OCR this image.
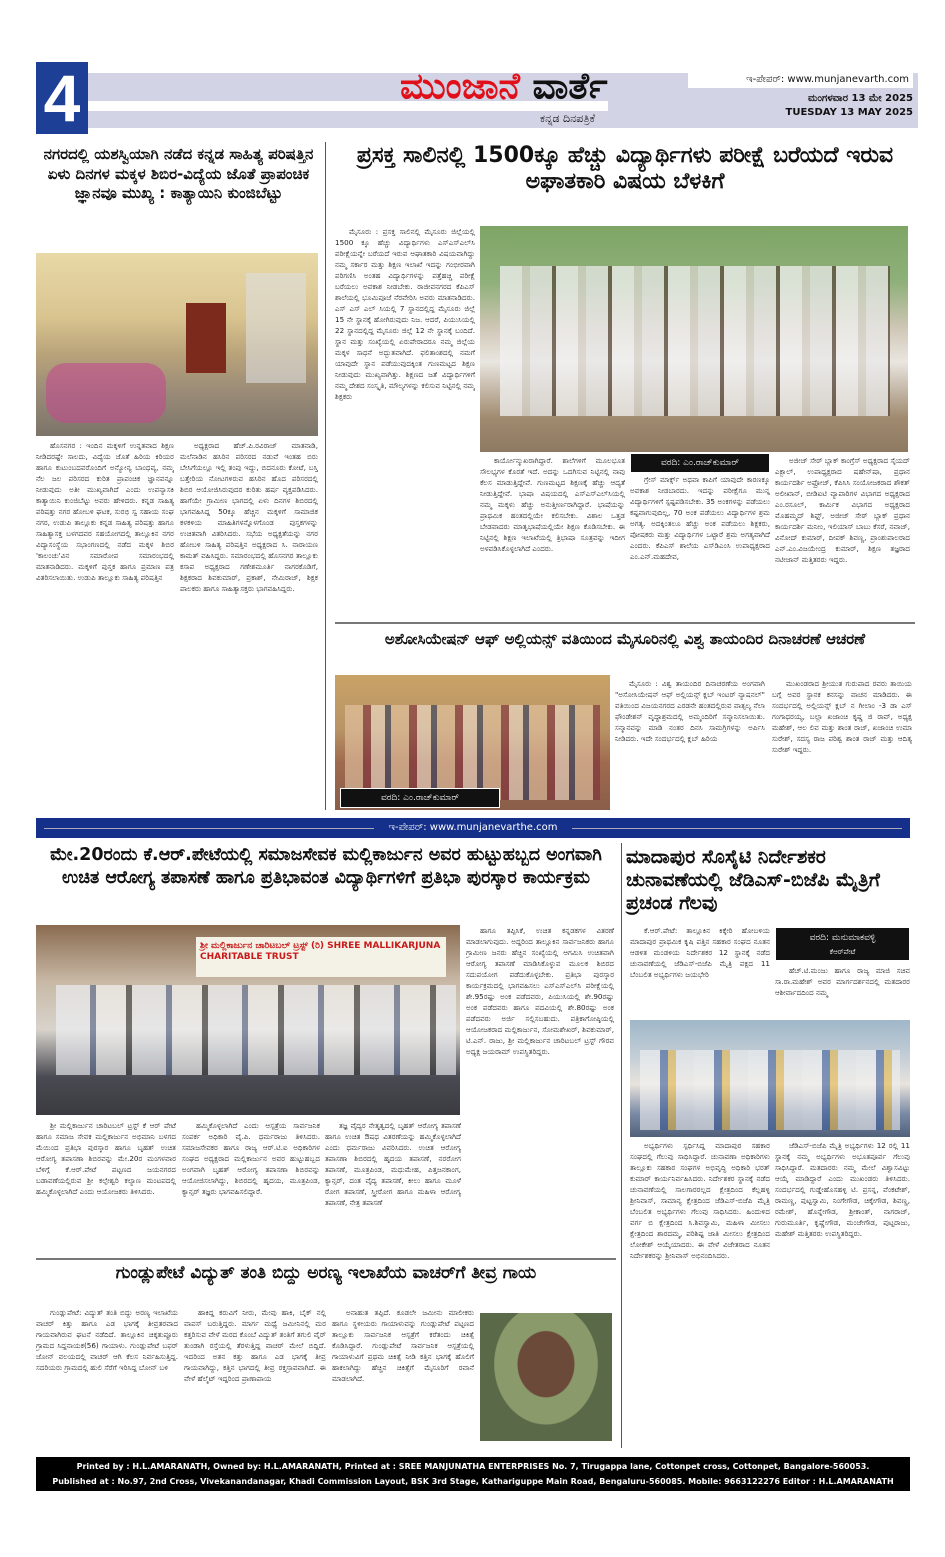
4	ಮುಂಜಾನೆ ವಾರ್ತೆ
ಕನ್ನಡ ದಿನಪತ್ರಿಕೆ
ಇ-ಪೇಪರ್: www.munjanevarth.com
ಮಂಗಳವಾರ 13 ಮೇ 2025
TUESDAY 13 MAY 2025
ನಗರದಲ್ಲಿ ಯಶಸ್ವಿಯಾಗಿ ನಡೆದ ಕನ್ನಡ ಸಾಹಿತ್ಯ ಪರಿಷತ್ತಿನ ಏಳು ದಿನಗಳ ಮಕ್ಕಳ ಶಿಬಿರ-ವಿದ್ಯೆಯ ಜೊತೆ ಪ್ರಾಪಂಚಿಕ ಜ್ಞಾನವೂ ಮುಖ್ಯ : ಕಾತ್ಯಾಯಿನಿ ಕುಂಜಿಬೆಟ್ಟು

ಹೊಸನಗರ : ಇಂದಿನ ಮಕ್ಕಳಿಗೆ ಉನ್ನತವಾದ ಶಿಕ್ಷಣ ನೀಡಿದರಷ್ಟೇ ಸಾಲದು, ವಿದ್ಯೆಯ ಜೊತೆ ಹಿರಿಯ ಕಿರಿಯರ ಹಾಗೂ ಕುಟುಂಬದವರೊಂದಿಗೆ ಅನ್ಯೋನ್ಯ ಬಾಂಧವ್ಯ, ನಮ್ಮ ನೆಲ ಜಲ ಪರಿಸರದ ಕುರಿತ ಪ್ರಾಪಂಚಿಕ ಜ್ಞಾನವನ್ನೂ ನೀಡುವುದು ಅತೀ ಮುಖ್ಯವಾಗಿದೆ ಎಂದು ಉಪನ್ಯಾಸಕಿ ಕಾತ್ಯಾಯಿನಿ ಕುಂಜಿಬೆಟ್ಟು ಅವರು ಹೇಳಿದರು. ಕನ್ನಡ ಸಾಹಿತ್ಯ ಪರಿಷತ್ತು ನಗರ ಹೋಬಳಿ ಘಟಕ, ಸುರಭಿ ಸ್ವ ಸಹಾಯ ಸಂಘ ನಗರ, ಉಡುಪಿ ತಾಲ್ಲೂಕು ಕನ್ನಡ ಸಾಹಿತ್ಯ ಪರಿಷತ್ತು ಹಾಗೂ ಸಾಹಿತ್ಯಾಸಕ್ತ ಬಳಗದವರ ಸಹಯೋಗದಲ್ಲಿ ತಾಲ್ಲೂಕಿನ ನಗರ ವಿದ್ಯಾಸಂಸ್ಥೆಯ ಸಭಾಂಗಣದಲ್ಲಿ ನಡೆದ ಮಕ್ಕಳ ಶಿಬಿರ 'ಕಾಲಂಚು'ವಿನ ಸಮಾರೋಪ ಸಮಾರಂಭದಲ್ಲಿ ಮಾತನಾಡಿದರು. ಮಕ್ಕಳಿಗೆ ಪುಸ್ತಕ ಹಾಗೂ ಪ್ರಮಾಣ ಪತ್ರ ವಿತರಿಸಲಾಯಿತು. ಉಡುಪಿ ತಾಲ್ಲೂಕು ಸಾಹಿತ್ಯ ಪರಿಷತ್ತಿನ

ಅಧ್ಯಕ್ಷರಾದ ಹೆಚ್.ಪಿ.ರವಿರಾಜ್ ಮಾತನಾಡಿ, ಮಲೆನಾಡಿನ ಹಸಿರಿನ ಪರಿಸರದ ನಡುವೆ ಇಂತಹ ಬಿರು ಬೇಸಿಗೆಯಲ್ಲೂ ಇಲ್ಲಿ ತಂಪು ಇದ್ದು, ಬಿದನೂರು ಕೋಟೆ, ಬಸ್ತಿ ಬತ್ತೇರಿಯ ನೋಟಗಳಿರುವ ಹಸಿರಿನ ಹೊದ ಪರಿಸರದಲ್ಲಿ ಶಿಬಿರ ಆಯೋಜಿಸಿರುವುದರ ಕುರಿತು ಹರ್ಷ ವ್ಯಕ್ತಪಡಿಸಿದರು. ಹಾಗೆಯೇ ಗ್ರಾಮೀಣ ಭಾಗದಲ್ಲಿ ಏಳು ದಿನಗಳ ಶಿಬಿರದಲ್ಲಿ ಭಾಗವಹಿಸಿದ್ದ 50ಕ್ಕೂ ಹೆಚ್ಚಿನ ಮಕ್ಕಳಿಗೆ ಸಾಮಾಜಿಕ ಕಳಕಳಿಯ ಮಾಹಿತಿಗಳನ್ನೊಳಗೊಂಡ ಪುಸ್ತಕಗಳನ್ನು ಉಚಿತವಾಗಿ ವಿತರಿಸಿದರು. ಸಭೆಯ ಅಧ್ಯಕ್ಷತೆಯನ್ನು ನಗರ ಹೋಬಳಿ ಸಾಹಿತ್ಯ ಪರಿಷತ್ತಿನ ಅಧ್ಯಕ್ಷರಾದ ಸಿ. ನಾರಾಯಣ ಕಾಮತ್ ವಹಿಸಿದ್ದರು. ಸಮಾರಂಭದಲ್ಲಿ ಹೊಸನಗರ ತಾಲ್ಲೂಕು ಕಸಾಪ ಅಧ್ಯಕ್ಷರಾದ ಗಣೇಶಮೂರ್ತಿ ನಾಗರಕೊಡಿಗೆ, ಶಿಕ್ಷಕರಾದ ಶಿವಕುಮಾರ್, ಪ್ರಕಾಶ್, ನೇಮಿರಾಜ್, ಶಿಕ್ಷಕ ಪಾಲಕರು ಹಾಗೂ ಸಾಹಿತ್ಯಾಸಕ್ತರು ಭಾಗವಹಿಸಿದ್ದರು.

ಪ್ರಸಕ್ತ ಸಾಲಿನಲ್ಲಿ 1500ಕ್ಕೂ ಹೆಚ್ಚು ವಿದ್ಯಾರ್ಥಿಗಳು ಪರೀಕ್ಷೆ ಬರೆಯದೆ ಇರುವ ಅಘಾತಕಾರಿ ವಿಷಯ ಬೆಳಕಿಗೆ

ಮೈಸೂರು : ಪ್ರಸಕ್ತ ಸಾಲಿನಲ್ಲಿ ಮೈಸೂರು ಜಿಲ್ಲೆಯಲ್ಲಿ 1500 ಕ್ಕೂ ಹೆಚ್ಚು ವಿದ್ಯಾರ್ಥಿಗಳು ಎಸ್‌ಎಸ್‌ಎಲ್‌ಸಿ ಪರೀಕ್ಷೆಯನ್ನೇ ಬರೆಯದೆ ಇರುವ ಆಘಾತಕಾರಿ ವಿಷಯವಾಗಿದ್ದು ನಮ್ಮ ಸರ್ಕಾರ ಮತ್ತು ಶಿಕ್ಷಣ ಇಲಾಖೆ ಇದನ್ನು ಗಂಭೀರವಾಗಿ ಪರಿಗಣಿಸಿ ಅಂತಹ ವಿದ್ಯಾರ್ಥಿಗಳನ್ನು ಪತ್ತೆಹಚ್ಚಿ ಪರೀಕ್ಷೆ ಬರೆಯಲು ಅವಕಾಶ ನೀಡಬೇಕು. ರಾಜೀವನಗರದ ಕೆಪಿಎಸ್ ಶಾಲೆಯಲ್ಲಿ ಭೂಮಿಪೂಜೆ ನೆರವೇರಿಸಿ ಅವರು ಮಾತನಾಡಿದರು. ಎಸ್ ಎಸ್ ಎಲ್ ಸಿಯಲ್ಲಿ 7 ಸ್ಥಾನದಲ್ಲಿದ್ದ ಮೈಸೂರು ಜಿಲ್ಲೆ 15 ನೇ ಸ್ಥಾನಕ್ಕೆ ಹೋಗಿರುವುದು ನಿಜ. ಆದರೆ, ಪಿಯುಸಿಯಲ್ಲಿ 22 ಸ್ಥಾನದಲ್ಲಿದ್ದ ಮೈಸೂರು ಜಿಲ್ಲೆ 12 ನೇ ಸ್ಥಾನಕ್ಕೆ ಬಂದಿದೆ. ಸ್ಥಾನ ಮತ್ತು ಸಂಖ್ಯೆಯಲ್ಲಿ ಏರುಪೇರಾದರೂ ನಮ್ಮ ಜಿಲ್ಲೆಯ ಮಕ್ಕಳ ಸಾಧನೆ ಅದ್ಭುತವಾಗಿದೆ. ಫಲಿತಾಂಶದಲ್ಲಿ ನಮಗೆ ಯಾವುದೇ ಸ್ಥಾನ ಪಡೆಯುವುದಕ್ಕಿಂತ ಗುಣಮಟ್ಟದ ಶಿಕ್ಷಣ ನೀಡುವುದು ಮುಖ್ಯವಾಗಿತ್ತು. ಶಿಕ್ಷಣದ ಜತೆ ವಿದ್ಯಾರ್ಥಿಗಳಿಗೆ ನಮ್ಮ ದೇಶದ ಸಂಸ್ಕೃತಿ, ಮೌಲ್ಯಗಳನ್ನು ಕಲಿಸುವ ನಿಟ್ಟಿನಲ್ಲಿ ನಮ್ಮ ಶಿಕ್ಷಕರು

ವರದಿ: ಎಂ.ರಾಜ್‌ಕುಮಾರ್

ಕಾರ್ಯೋನ್ಮುಖರಾಗಿದ್ದಾರೆ. ಶಾಲೆಗಳಿಗೆ ಮೂಲಭೂತ ಸೌಲಭ್ಯಗಳ ಕೊರತೆ ಇದೆ. ಅದನ್ನು ಒದಗಿಸುವ ನಿಟ್ಟಿನಲ್ಲಿ ನಾವು ಕೆಲಸ ಮಾಡುತ್ತಿದ್ದೇವೆ. ಗುಣಮಟ್ಟದ ಶಿಕ್ಷಣಕ್ಕೆ ಹೆಚ್ಚು ಆದ್ಯತೆ ನೀಡುತ್ತಿದ್ದೇವೆ. ಭಾಷಾ ವಿಷಯದಲ್ಲಿ ಎಸ್‌ಎಸ್‌ಎಲ್‌ಸಿಯಲ್ಲಿ ನಮ್ಮ ಮಕ್ಕಳು ಹೆಚ್ಚು ಅನುತ್ತೀರ್ಣರಾಗಿದ್ದಾರೆ. ಭಾಷೆಯನ್ನು ಪ್ರಾಥಮಿಕ ಹಂತದಲ್ಲಿಯೇ ಕಲಿಸಬೇಕು. ವಿಶಾಲ ಒತ್ತಡ ಬೇಡವಾದರು ಮಾತೃಭಾಷೆಯಲ್ಲಿಯೇ ಶಿಕ್ಷಣ ಕೊಡಿಸಬೇಕು. ಈ ನಿಟ್ಟಿನಲ್ಲಿ ಶಿಕ್ಷಣ ಇಲಾಖೆಯಲ್ಲಿ ತ್ರಿಭಾಷಾ ಸೂತ್ರವನ್ನು ಇದೀಗ ಅಳವಡಿಸಿಕೊಳ್ಳಲಾಗಿದೆ ಎಂದರು.

ಗ್ರೇಸ್ ಮಾರ್ಕ್ಸ್ ಅಥವಾ ಕಾಪಿಗೆ ಯಾವುದೇ ಕಾರಣಕ್ಕೂ ಅವಕಾಶ ನೀಡಬಾರದು. ಇದನ್ನು ಪರೀಕ್ಷೆಗೂ ಮುನ್ನ ವಿದ್ಯಾರ್ಥಿಗಳಿಗೆ ಸ್ಪಷ್ಟಪಡಿಸಬೇಕು. 35 ಅಂಕಗಳನ್ನು ಪಡೆಯಲು ಕಷ್ಟವಾಗುವುದಿಲ್ಲ, 70 ಅಂಕ ಪಡೆಯಲು ವಿದ್ಯಾರ್ಥಿಗಳ ಶ್ರಮ ಅಗತ್ಯ. ಅದಕ್ಕಿಂತಲೂ ಹೆಚ್ಚು ಅಂಕ ಪಡೆಯಲು ಶಿಕ್ಷಕರು, ಪೋಷಕರು ಮತ್ತು ವಿದ್ಯಾರ್ಥಿಗಳ ಒಟ್ಟಾರೆ ಶ್ರಮ ಅಗತ್ಯವಾಗಿದೆ ಎಂದರು. ಕೆಪಿಎಸ್ ಶಾಲೆಯ ಎಸ್‌ಡಿಎಂಸಿ ಉಪಾಧ್ಯಕ್ಷರಾದ ಎಂ.ಎನ್.ಮಹದೇವ,

ಅಜೀಜ್ ಸೇಠ್ ಬ್ಲಾಕ್ ಕಾಂಗ್ರೆಸ್ ಅಧ್ಯಕ್ಷರಾದ ಸೈಯದ್ ಎಕ್ಬಾಲ್, ಉಪಾಧ್ಯಕ್ಷರಾದ ಷಹೇನ್‌ಷಾ, ಪ್ರಧಾನ ಕಾರ್ಯದರ್ಶಿ ಅಫ್ರೋಜ್, ಕೆಪಿಸಿಸಿ ಸಂಯೋಜಕರಾದ ಶೌಕತ್ ಅಲೀಖಾನ್, ಬೀಡಿಐಟಿ ವ್ಯಾಪಾರಿಗಳ ವಿಭಾಗದ ಅಧ್ಯಕ್ಷರಾದ ಎಂ.ರಸೂಲ್, ಕಾರ್ಮಿಕ ವಿಭಾಗದ ಅಧ್ಯಕ್ಷರಾದ ಮೊಹಮ್ಮದ್ ಶಿಫ್ಟ್, ಅಜೀಜ್ ಸೇಠ್ ಬ್ಲಾಕ್ ಪ್ರಧಾನ ಕಾರ್ಯದರ್ಶಿ ಮನೀಂ, ಇಲಿಯಾಸ್ ಬಾಬು ಕೆಸರೆ, ನವಾಜ್, ವಿನೋದ್ ಕುಮಾರ್, ದೀಪಕ್ ಶಿವಣ್ಣ, ಪ್ರಾಂಶುಪಾಲರಾದ ಎನ್.ಎಂ.ವಿಜಯೇಂದ್ರ ಕುಮಾರ್, ಶಿಕ್ಷಣ ತಜ್ಞರಾದ ನಟೀಜಾನ್ ಮತ್ತಿತರರು ಇದ್ದರು.

ಅಶೋಸಿಯೇಷನ್ ಆಫ್ ಅಲ್ಲಿಯನ್ಸ್ ವತಿಯಿಂದ ಮೈಸೂರಿನಲ್ಲಿ ವಿಶ್ವ ತಾಯಂದಿರ ದಿನಾಚರಣೆ ಆಚರಣೆ
ವರದಿ: ಎಂ.ರಾಜ್‌ಕುಮಾರ್

ಮೈಸೂರು : ವಿಶ್ವ ತಾಯಂದಿರ ದಿನಾಚರಣೆಯ ಅಂಗವಾಗಿ "ಅಸೋಸಿಯೇಷನ್ ಆಫ್ ಅಲ್ಲಿಯನ್ಸ್ ಕ್ಲಬ್ ಇಂಟರ್ ನ್ಯಾಷನಲ್" ವತಿಯಿಂದ ವಿಜಯನಗರದ ಎರಡನೇ ಹಂತದಲ್ಲಿರುವ ವಾತ್ಸಲ್ಯ ನೆಲಾ ಫೌಂಡೇಶನ್ ವೃದ್ಧಾಶ್ರಮದಲ್ಲಿ ಅಮ್ಮಂದಿರಿಗೆ ಸನ್ಮಾನಿಸಲಾಯಿತು. ಸನ್ಮಾನವನ್ನು ಮಾಡಿ ನಂತರ ದಿನಸಿ ಸಾಮಗ್ರಿಗಳನ್ನು ಅರ್ಪಿಸಿ ನೀಡಿದರು. ಇದೇ ಸಂದರ್ಭದಲ್ಲಿ ಕ್ಲಬ್ ಹಿರಿಯ

ಮುಖಂಡರಾದ ಶ್ರೀಯುತ ಗುರುಪಾದ ರವರು ತಾಯಿಯ ಬಗ್ಗೆ ಅವರ ಸ್ಥಾನಕ ಕನಸನ್ನು ವಾಚನ ಮಾಡಿದರು. ಈ ಸಂದರ್ಭದಲ್ಲಿ ಅಲ್ಲಿಯನ್ಸ್ ಕ್ಲಬ್ ನ ಗೀಲಾಂ -3 ಡಾ ಎಸ್ ಗಂಗಾಧರಯ್ಯ, ಬಲ್ಲಾ ಖಜಾಂಚಿ ಕೃಷ್ಣ ಜಿ ರಾವ್, ಅಧ್ಯಕ್ಷ ಮಹೇಶ್, ಆಲ ಲಿವ ಮತ್ತು ಶಾಂತ ರಾಜ್, ಖಜಾಂಚಿ ಉಮಾ ಸುರೇಶ್, ಸದಸ್ಯ ರಾಜ ಪರಿಶ್ವ ಶಾಂತ ರಾಜ್ ಮತ್ತು ಆದಿತ್ಯ ಸುರೇಶ್ ಇದ್ದರು.

ಇ-ಪೇಪರ್: www.munjanevarthe.com
ಮೇ.20ರಂದು ಕೆ.ಆರ್.ಪೇಟೆಯಲ್ಲಿ ಸಮಾಜಸೇವಕ ಮಲ್ಲಿಕಾರ್ಜುನ ಅವರ ಹುಟ್ಟುಹಬ್ಬದ ಅಂಗವಾಗಿ ಉಚಿತ ಆರೋಗ್ಯ ತಪಾಸಣೆ ಹಾಗೂ ಪ್ರತಿಭಾವಂತ ವಿದ್ಯಾರ್ಥಿಗಳಿಗೆ ಪ್ರತಿಭಾ ಪುರಸ್ಕಾರ ಕಾರ್ಯಕ್ರಮ
ಶ್ರೀ ಮಲ್ಲಿಕಾರ್ಜುನ ಚಾರಿಟಬಲ್ ಟ್ರಸ್ಟ್ (ರಿ) SHREE MALLIKARJUNA CHARITABLE TRUST

ಹಾಗೂ ತಪ್ಪಿಸಿಕೆ, ಉಚಿತ ಕನ್ನಡಕಗಳ ವಿತರಣೆ ಮಾಡಲಾಗುವುದು. ಅದ್ದರಿಂದ ತಾಲ್ಲೂಕಿನ ಸಾರ್ವಜನಿಕರು ಹಾಗೂ ಗ್ರಾಮೀಣ ಜನರು ಹೆಚ್ಚಿನ ಸಂಖ್ಯೆಯಲ್ಲಿ ಆಗಮಿಸಿ ಉಚಿತವಾಗಿ ಆರೋಗ್ಯ ತಪಾಸಣೆ ಮಾಡಿಸಿಕೊಳ್ಳುವ ಮೂಲಕ ಶಿಬಿರದ ಸದುಪಯೋಗ ಪಡೆದುಕೊಳ್ಳಬೇಕು. ಪ್ರತಿಭಾ ಪುರಸ್ಕಾರ ಕಾರ್ಯಕ್ರಮದಲ್ಲಿ ಭಾಗವಹಿಸಲು ಎಸ್‌ಎಸ್‌ಎಲ್‌ಸಿ ಪರೀಕ್ಷೆಯಲ್ಲಿ ಶೇ.95ರಷ್ಟು ಅಂಕ ಪಡೆದವರು, ಪಿಯುಸಿಯಲ್ಲಿ ಶೇ.90ರಷ್ಟು ಅಂಕ ಪಡೆದವರು ಹಾಗೂ ಪದವಿಯಲ್ಲಿ ಶೇ.80ರಷ್ಟು ಅಂಕ ಪಡೆದವರು ಅರ್ಜಿ ಸಲ್ಲಿಸಬಹುದು. ಪತ್ರಿಕಾಗೋಷ್ಠಿಯಲ್ಲಿ ಆಯೋಜಕರಾದ ಮಲ್ಲಿಕಾರ್ಜುನ, ಸೋಮಶೇಖರ್, ಶಿವಕುಮಾರ್, ಟಿ.ಎನ್. ರಾಜು, ಶ್ರೀ ಮಲ್ಲಿಕಾರ್ಜುನ ಚಾರಿಟಬಲ್ ಟ್ರಸ್ಟ್ ಗೌರವ ಅಧ್ಯಕ್ಷ ಜಯರಾಮ್ ಉಪಸ್ಥಿತರಿದ್ದರು.

ಶ್ರೀ ಮಲ್ಲಿಕಾರ್ಜುನ ಚಾರಿಟಬಲ್ ಟ್ರಸ್ಟ್ ಕೆ ಆರ್ ಪೇಟೆ ಹಾಗೂ ಸಮಾಜ ಸೇವಕ ಮಲ್ಲಿಕಾರ್ಜುನ ಅಭಿಮಾನಿ ಬಳಗದ ಮೆಯಿಂದ ಪ್ರತಿಭಾ ಪುರಸ್ಕಾರ ಹಾಗೂ ಬೃಹತ್ ಉಚಿತ ಆರೋಗ್ಯ ತಪಾಸಣಾ ಶಿಬಿರವನ್ನು ಮೇ.20ರ ಮಂಗಳವಾರ ಬೆಳಿಗ್ಗೆ ಕೆ.ಆರ್.ಪೇಟೆ ಪಟ್ಟಣದ ಜಯನಗರದ ಬಡಾವಣೆಯಲ್ಲಿರುವ ಶ್ರೀ ಕಲ್ಪೇಶ್ವರಿ ಕಲ್ಯಾಣ ಮಂಟಪದಲ್ಲಿ ಹಮ್ಮಿಕೊಳ್ಳಲಾಗಿದೆ ಎಂದು ಆಯೋಜಕರು ತಿಳಿಸಿದರು.

ಹಮ್ಮಿಕೊಳ್ಳಲಾಗಿದೆ ಎಂದು ಆಸ್ಪತ್ರೆಯ ಸಾರ್ವಜನಿಕ ಸಂಪರ್ಕ ಅಧಿಕಾರಿ ವೈ.ಪಿ. ಧರ್ಮರಾಜು ತಿಳಿಸಿದರು. ಸಮಾಜಸೇವಕರ ಹಾಗೂ ರಾಜ್ಯ ಆರ್.ಟಿ.ಐ ಅಧಿಕಾರಿಗಳ ಸಂಘದ ಅಧ್ಯಕ್ಷರಾದ ಮಲ್ಲಿಕಾರ್ಜುನ ಅವರ ಹುಟ್ಟುಹಬ್ಬದ ಅಂಗವಾಗಿ ಬೃಹತ್ ಆರೋಗ್ಯ ತಪಾಸಣಾ ಶಿಬಿರವನ್ನು ಆಯೋಜಿಸಲಾಗಿದ್ದು, ಶಿಬಿರದಲ್ಲಿ ಹೃದಯ, ಮೂತ್ರಪಿಂಡ, ಕ್ಯಾನ್ಸರ್ ತಜ್ಞರು ಭಾಗವಹಿಸಲಿದ್ದಾರೆ.

ತಜ್ಞ ವೈದ್ಯರ ನೇತೃತ್ವದಲ್ಲಿ ಬೃಹತ್ ಆರೋಗ್ಯ ತಪಾಸಣೆ ಹಾಗೂ ಉಚಿತ ಔಷಧ ವಿತರಣೆಯನ್ನು ಹಮ್ಮಿಕೊಳ್ಳಲಾಗಿದೆ ಎಂದು ಧರ್ಮರಾಜು ವಿವರಿಸಿದರು. ಉಚಿತ ಆರೋಗ್ಯ ತಪಾಸಣಾ ಶಿಬಿರದಲ್ಲಿ ಹೃದಯ ತಪಾಸಣೆ, ನರರೋಗ ತಪಾಸಣೆ, ಮೂತ್ರಪಿಂಡ, ಮಧುಮೇಹ, ಪಿತ್ತಜನಕಾಂಗ, ಕ್ಯಾನ್ಸರ್, ದಂತ ವೈದ್ಯ ತಪಾಸಣೆ, ಕೀಲು ಹಾಗೂ ಮೂಳೆ ರೋಗ ತಪಾಸಣೆ, ಸ್ತ್ರೀರೋಗ ಹಾಗೂ ಮಹಿಳಾ ಆರೋಗ್ಯ ತಪಾಸಣೆ, ನೇತ್ರ ತಪಾಸಣೆ

ಮಾದಾಪುರ ಸೊಸೈಟಿ ನಿರ್ದೇಶಕರ ಚುನಾವಣೆಯಲ್ಲಿ ಜೆಡಿಎಸ್-ಬಿಜೆಪಿ ಮೈತ್ರಿಗೆ ಪ್ರಚಂಡ ಗೆಲವು

ಕೆ.ಆರ್.ಪೇಟೆ: ತಾಲ್ಲೂಕಿನ ಕಿಕ್ಕೇರಿ ಹೋಬಳಿಯ ಮಾದಾಪುರ ಪ್ರಾಥಮಿಕ ಕೃಷಿ ಪತ್ತಿನ ಸಹಕಾರ ಸಂಘದ ನೂತನ ಆಡಳಿತ ಮಂಡಳಿಯ ನಿರ್ದೇಶಕರ 12 ಸ್ಥಾನಕ್ಕೆ ನಡೆದ ಚುನಾವಣೆಯಲ್ಲಿ ಜೆಡಿಎಸ್-ಬಿಜೆಪಿ ಮೈತ್ರಿ ಪಕ್ಷದ 11 ಬೆಂಬಲಿತ ಅಭ್ಯರ್ಥಿಗಳು ಜಯಭೇರಿ

ವರದಿ: ಮನುಮಾಕವಳ್ಳಿ
ಕೆಆರ್‌ಪೇಟೆ

ಹೆಚ್.ಟಿ.ಮಂಜು ಹಾಗೂ ರಾಜ್ಯ ಮಾಜಿ ಸಚಿವ ಸಾ.ರಾ.ಮಹೇಶ್ ಅವರ ಮಾರ್ಗದರ್ಶನದಲ್ಲಿ ಮತದಾರರ ಆಶೀರ್ವಾದದಿಂದ ನಮ್ಮ

ಅಭ್ಯರ್ಥಿಗಳು ಸ್ಪರ್ಧಿಸಿದ್ದ ಮಾದಾಪುರ ಸಹಕಾರ ಸಂಘದಲ್ಲಿ ಗೆಲುವು ಸಾಧಿಸಿದ್ದಾರೆ. ಚುನಾವಣಾ ಅಧಿಕಾರಿಗಳು ತಾಲ್ಲೂಕು ಸಹಕಾರ ಸಂಘಗಳ ಅಭಿವೃದ್ಧಿ ಅಧಿಕಾರಿ ಭರತ್ ಕುಮಾರ್ ಕಾರ್ಯನಿರ್ವಹಿಸಿದರು. ನಿರ್ದೇಶಕರ ಸ್ಥಾನಕ್ಕೆ ನಡೆದ ಚುನಾವಣೆಯಲ್ಲಿ ಸಾಲಗಾರರಲ್ಲದ ಕ್ಷೇತ್ರದಿಂದ ಕೆಲ್ಲಹಳ್ಳಿ ಶ್ರೀನಿವಾಸ್, ಸಾಮಾನ್ಯ ಕ್ಷೇತ್ರದಿಂದ ಜೆಡಿಎಸ್-ಬಿಜೆಪಿ ಮೈತ್ರಿ ಬೆಂಬಲಿತ ಅಭ್ಯರ್ಥಿಗಳು ಗೆಲುವು ಸಾಧಿಸಿದರು. ಹಿಂದುಳಿದ ವರ್ಗ ಬಿ ಕ್ಷೇತ್ರದಿಂದ ಸಿ.ಶಿವಸ್ವಾಮಿ, ಮಹಿಳಾ ಮೀಸಲು ಕ್ಷೇತ್ರದಿಂದ ಶಾರದಮ್ಮ, ಪರಿಶಿಷ್ಟ ಜಾತಿ ಮೀಸಲು ಕ್ಷೇತ್ರದಿಂದ ಲೋಕೇಶ್ ಆಯ್ಕೆಯಾದರು. ಈ ವೇಳೆ ವಿಜೇತರಾದ ನೂತನ ನಿರ್ದೇಶಕರನ್ನು ಶ್ರೀನಿವಾಸ್ ಅಭಿನಂದಿಸಿದರು.

ಜೆಡಿಎಸ್-ಬಿಜೆಪಿ ಮೈತ್ರಿ ಅಭ್ಯರ್ಥಿಗಳು 12 ರಲ್ಲಿ 11 ಸ್ಥಾನಕ್ಕೆ ನಮ್ಮ ಅಭ್ಯರ್ಥಿಗಳು ಅಭೂತಪೂರ್ವ ಗೆಲುವು ಸಾಧಿಸಿದ್ದಾರೆ. ಮತದಾರರು ನಮ್ಮ ಮೇಲೆ ವಿಶ್ವಾಸವಿಟ್ಟು ಆಯ್ಕೆ ಮಾಡಿದ್ದಾರೆ ಎಂದು ಮುಖಂಡರು ತಿಳಿಸಿದರು. ಸಂದರ್ಭದಲ್ಲಿ ಗುಡ್ಡೇಹೊಸಹಳ್ಳಿ ಟಿ. ಪ್ರಸನ್ನ, ವೆಂಕಟೇಶ್, ರಾಮಣ್ಣ, ಪುಟ್ಟಸ್ವಾಮಿ, ನಿಂಗೇಗೌಡ, ಚಿಕ್ಕೇಗೌಡ, ಶಿವಣ್ಣ, ರಮೇಶ್, ಹೊನ್ನೇಗೌಡ, ಶ್ರೀಕಾಂತ್, ನಾಗರಾಜ್, ಗುರುಮೂರ್ತಿ, ಕೃಷ್ಣೇಗೌಡ, ಮಂಜೇಗೌಡ, ಪುಟ್ಟರಾಜು, ಮಹೇಶ್ ಮತ್ತಿತರರು ಉಪಸ್ಥಿತರಿದ್ದರು.

ಗುಂಡ್ಲುಪೇಟೆ ವಿದ್ಯುತ್ ತಂತಿ ಬಿದ್ದು ಅರಣ್ಯ ಇಲಾಖೆಯ ವಾಚರ್‌ಗೆ ತೀವ್ರ ಗಾಯ

ಗುಂಡ್ಲುಪೇಟೆ: ವಿದ್ಯುತ್ ತಂತಿ ಬಿದ್ದು ಅರಣ್ಯ ಇಲಾಖೆಯ ವಾಚರ್ ಕಿತ್ತು ಹಾಗೂ ಎಡ ಭಾಗಕ್ಕೆ ತೀವ್ರತರವಾದ ಗಾಯವಾಗಿರುವ ಘಟನೆ ನಡೆದಿದೆ. ತಾಲ್ಲೂಕಿನ ಚಿಕ್ಕತುಪ್ಪೂರು ಗ್ರಾಮದ ಸಿದ್ದನಾಯಕ(56) ಗಾಯಾಳು. ಗುಂಡ್ಲುಪೇಟೆ ಬಫರ್ ಜೋನ್ ವಲಯದಲ್ಲಿ ವಾಚರ್ ಆಗಿ ಕೆಲಸ ನಿರ್ವಹಿಸುತ್ತಿದ್ದ. ಸದರಿಯರು ಗ್ರಾಮದಲ್ಲಿ ಹುಲಿ ಸೆರೆಗೆ ಇರಿಸಿದ್ದ ಬೋನ್ ಬಳಿ

ಹಾಕಿದ್ದ ಕರುವಿಗೆ ನೀರು, ಮೇವು ಹಾಕಿ, ಬೈಕ್ ನಲ್ಲಿ ವಾಪಸ್ ಬರುತ್ತಿದ್ದರು. ಮಾರ್ಗ ಮಧ್ಯೆ ಜಮೀನಿನಲ್ಲಿ ಮರ ಕತ್ತರಿಸುವ ವೇಳೆ ಮರದ ಕೊಂಬೆ ವಿದ್ಯುತ್ ತಂತಿಗೆ ತಗುಲಿ ವೈರ್ ತುಂಡಾಗಿ ರಸ್ತೆಯಲ್ಲಿ ತೆರಳುತ್ತಿದ್ದ ವಾಚರ್ ಮೇಲೆ ಬಿದ್ದಿದೆ. ಇದರಿಂದ ಅತನ ಕತ್ತು ಹಾಗೂ ಎಡ ಭಾಗಕ್ಕೆ ತೀವ್ರ ಗಾಯವಾಗಿದ್ದು, ಕತ್ತಿನ ಭಾಗದಲ್ಲಿ ತೀವ್ರ ರಕ್ತಸ್ರಾವವಾಗಿದೆ. ಈ ವೇಳೆ ಹೆಲ್ಮೆಟ್ ಇದ್ದರಿಂದ ಪ್ರಾಣಾಪಾಯ

ಅನಾಹುತ ತಪ್ಪಿದೆ. ಕೂಡಲೇ ಜಮೀನು ಮಾಲೀಕರು ಹಾಗೂ ಸ್ಥಳೀಯರು ಗಾಯಾಳುವನ್ನು ಗುಂಡ್ಲುಪೇಟೆ ಪಟ್ಟಣದ ತಾಲ್ಲೂಕು ಸಾರ್ವಜನಿಕ ಆಸ್ಪತ್ರೆಗೆ ಕರೆತಂದು ಚಿಕಿತ್ಸೆ ಕೊಡಿಸಿದ್ದಾರೆ. ಗುಂಡ್ಲುಪೇಟೆ ಸಾರ್ವಜನಿಕ ಆಸ್ಪತ್ರೆಯಲ್ಲಿ ಗಾಯಾಳುವಿಗೆ ಪ್ರಥಮ ಚಿಕಿತ್ಸೆ ನೀಡಿ ಕತ್ತಿನ ಭಾಗಕ್ಕೆ ಹೊಲಿಗೆ ಹಾಕಲಾಗಿದ್ದು ಹೆಚ್ಚಿನ ಚಿಕಿತ್ಸೆಗೆ ಮೈಸೂರಿಗೆ ರವಾನೆ ಮಾಡಲಾಗಿದೆ.

Printed by : H.L.AMARANATH, Owned by: H.L.AMARANATH, Printed at : SREE MANJUNATHA ENTERPRISES No. 7, Tirugappa lane, Cottonpet cross, Cottonpet, Bangalore-560053.
Published at : No.97, 2nd Cross, Vivekanandanagar, Khadi Commission Layout, BSK 3rd Stage, Kathariguppe Main Road, Bengaluru-560085. Mobile: 9663122276 Editor : H.L.AMARANATH
